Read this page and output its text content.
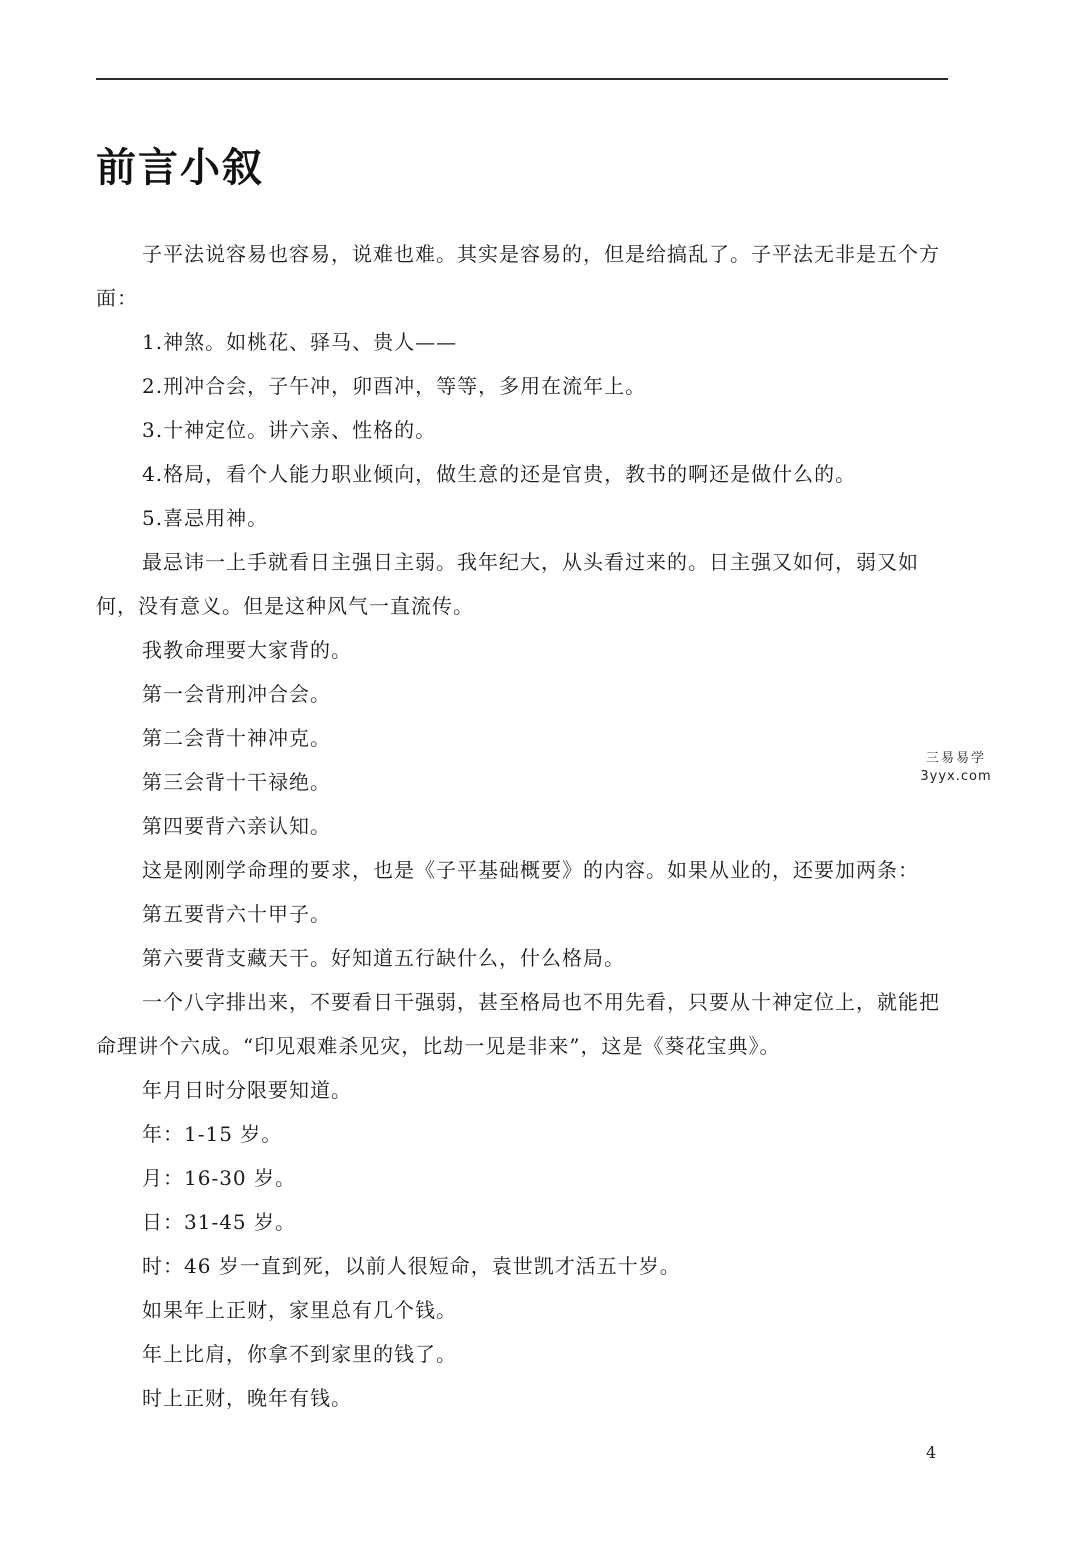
前言小叙

子平法说容易也容易，说难也难。其实是容易的，但是给搞乱了。子平法无非是五个方面：

1.神煞。如桃花、驿马、贵人——

2.刑冲合会，子午冲，卯酉冲，等等，多用在流年上。

3.十神定位。讲六亲、性格的。

4.格局，看个人能力职业倾向，做生意的还是官贵，教书的啊还是做什么的。

5.喜忌用神。

最忌讳一上手就看日主强日主弱。我年纪大，从头看过来的。日主强又如何，弱又如何，没有意义。但是这种风气一直流传。

我教命理要大家背的。

第一会背刑冲合会。

第二会背十神冲克。

第三会背十干禄绝。

第四要背六亲认知。

这是刚刚学命理的要求，也是《子平基础概要》的内容。如果从业的，还要加两条：

第五要背六十甲子。

第六要背支藏天干。好知道五行缺什么，什么格局。

一个八字排出来，不要看日干强弱，甚至格局也不用先看，只要从十神定位上，就能把命理讲个六成。“印见艰难杀见灾，比劫一见是非来”，这是《葵花宝典》。

年月日时分限要知道。

年：1-15 岁。

月：16-30 岁。

日：31-45 岁。

时：46 岁一直到死，以前人很短命，袁世凯才活五十岁。

如果年上正财，家里总有几个钱。

年上比肩，你拿不到家里的钱了。

时上正财，晚年有钱。

三易易学
3yyx.com
4
